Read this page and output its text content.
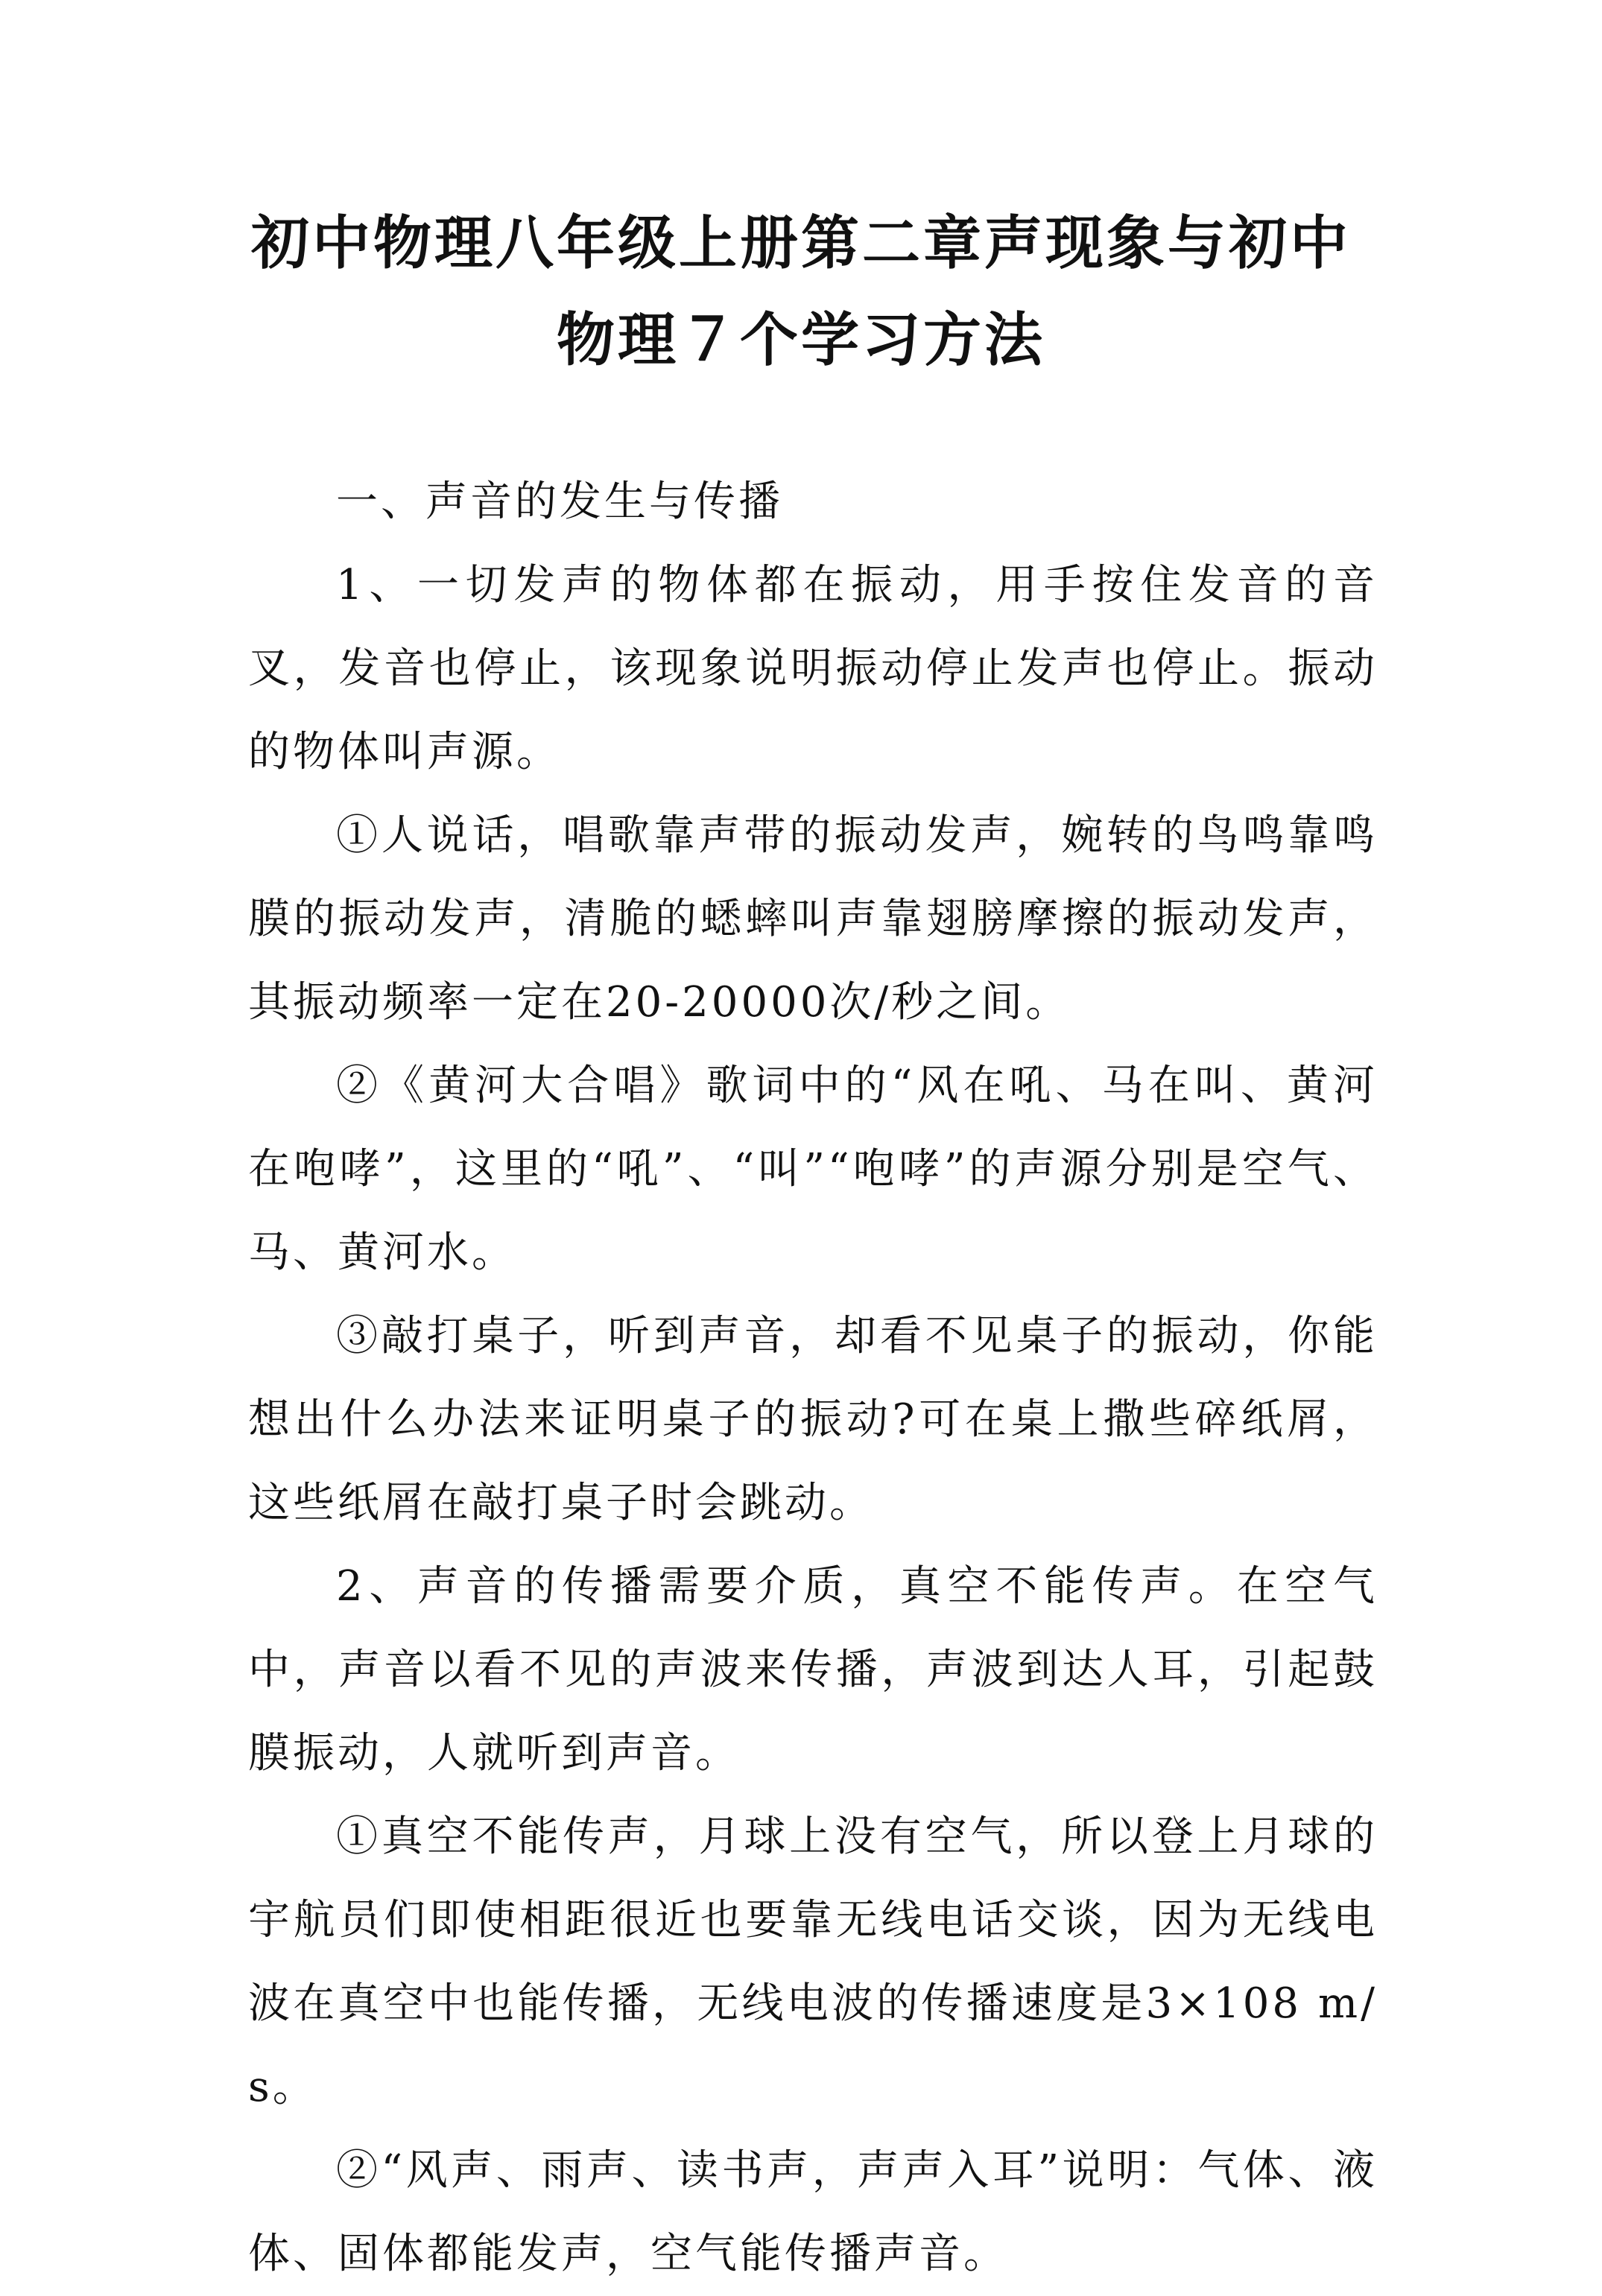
初中物理八年级上册第二章声现象与初中物理７个学习方法

一、声音的发生与传播

1、一切发声的物体都在振动，用手按住发音的音叉，发音也停止，该现象说明振动停止发声也停止。振动的物体叫声源。

①人说话，唱歌靠声带的振动发声，婉转的鸟鸣靠鸣膜的振动发声，清脆的蟋蟀叫声靠翅膀摩擦的振动发声，其振动频率一定在20-20000次/秒之间。

②《黄河大合唱》歌词中的“风在吼、马在叫、黄河在咆哮”，这里的“吼”、“叫”“咆哮”的声源分别是空气、马、黄河水。

③敲打桌子，听到声音，却看不见桌子的振动，你能想出什么办法来证明桌子的振动?可在桌上撒些碎纸屑，这些纸屑在敲打桌子时会跳动。

2、声音的传播需要介质，真空不能传声。在空气中，声音以看不见的声波来传播，声波到达人耳，引起鼓膜振动，人就听到声音。

①真空不能传声，月球上没有空气，所以登上月球的宇航员们即使相距很近也要靠无线电话交谈，因为无线电波在真空中也能传播，无线电波的传播速度是3×108 m/s。

②“风声、雨声、读书声，声声入耳”说明：气体、液体、固体都能发声，空气能传播声音。
